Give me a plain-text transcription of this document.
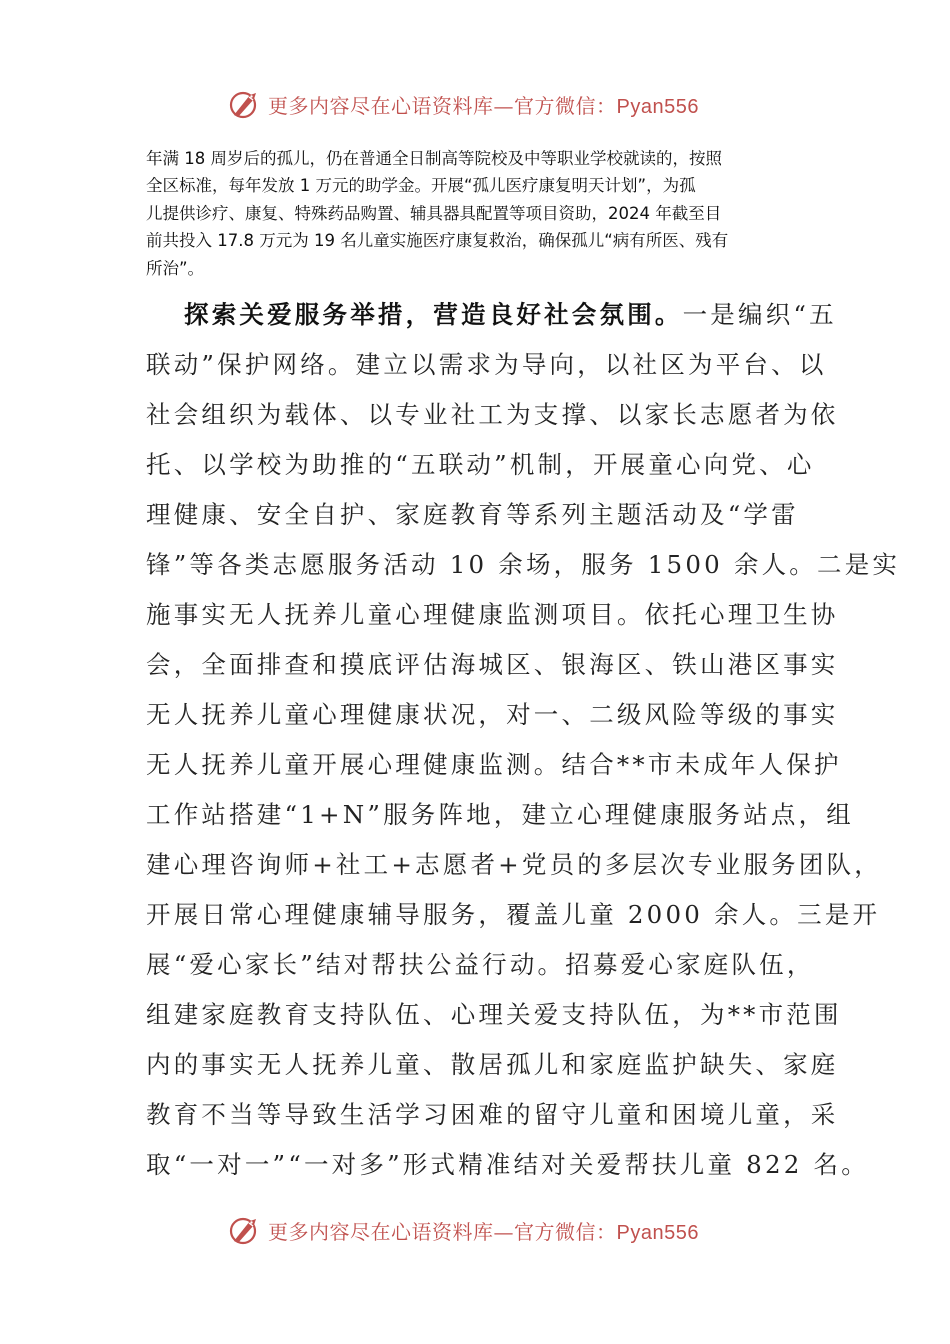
更多内容尽在心语资料库—官方微信：Pyan556

年满 18 周岁后的孤儿，仍在普通全日制高等院校及中等职业学校就读的，按照
全区标准，每年发放 1 万元的助学金。开展“孤儿医疗康复明天计划”，为孤
儿提供诊疗、康复、特殊药品购置、辅具器具配置等项目资助，2024 年截至目
前共投入 17.8 万元为 19 名儿童实施医疗康复救治，确保孤儿“病有所医、残有
所治”。

探索关爱服务举措，营造良好社会氛围。一是编织“五
联动”保护网络。建立以需求为导向，以社区为平台、以
社会组织为载体、以专业社工为支撑、以家长志愿者为依
托、以学校为助推的“五联动”机制，开展童心向党、心
理健康、安全自护、家庭教育等系列主题活动及“学雷
锋”等各类志愿服务活动 10 余场，服务 1500 余人。二是实
施事实无人抚养儿童心理健康监测项目。依托心理卫生协
会，全面排查和摸底评估海城区、银海区、铁山港区事实
无人抚养儿童心理健康状况，对一、二级风险等级的事实
无人抚养儿童开展心理健康监测。结合**市未成年人保护
工作站搭建“1+N”服务阵地，建立心理健康服务站点，组
建心理咨询师+社工+志愿者+党员的多层次专业服务团队，
开展日常心理健康辅导服务，覆盖儿童 2000 余人。三是开
展“爱心家长”结对帮扶公益行动。招募爱心家庭队伍，
组建家庭教育支持队伍、心理关爱支持队伍，为**市范围
内的事实无人抚养儿童、散居孤儿和家庭监护缺失、家庭
教育不当等导致生活学习困难的留守儿童和困境儿童，采
取“一对一”“一对多”形式精准结对关爱帮扶儿童 822 名。

更多内容尽在心语资料库—官方微信：Pyan556
